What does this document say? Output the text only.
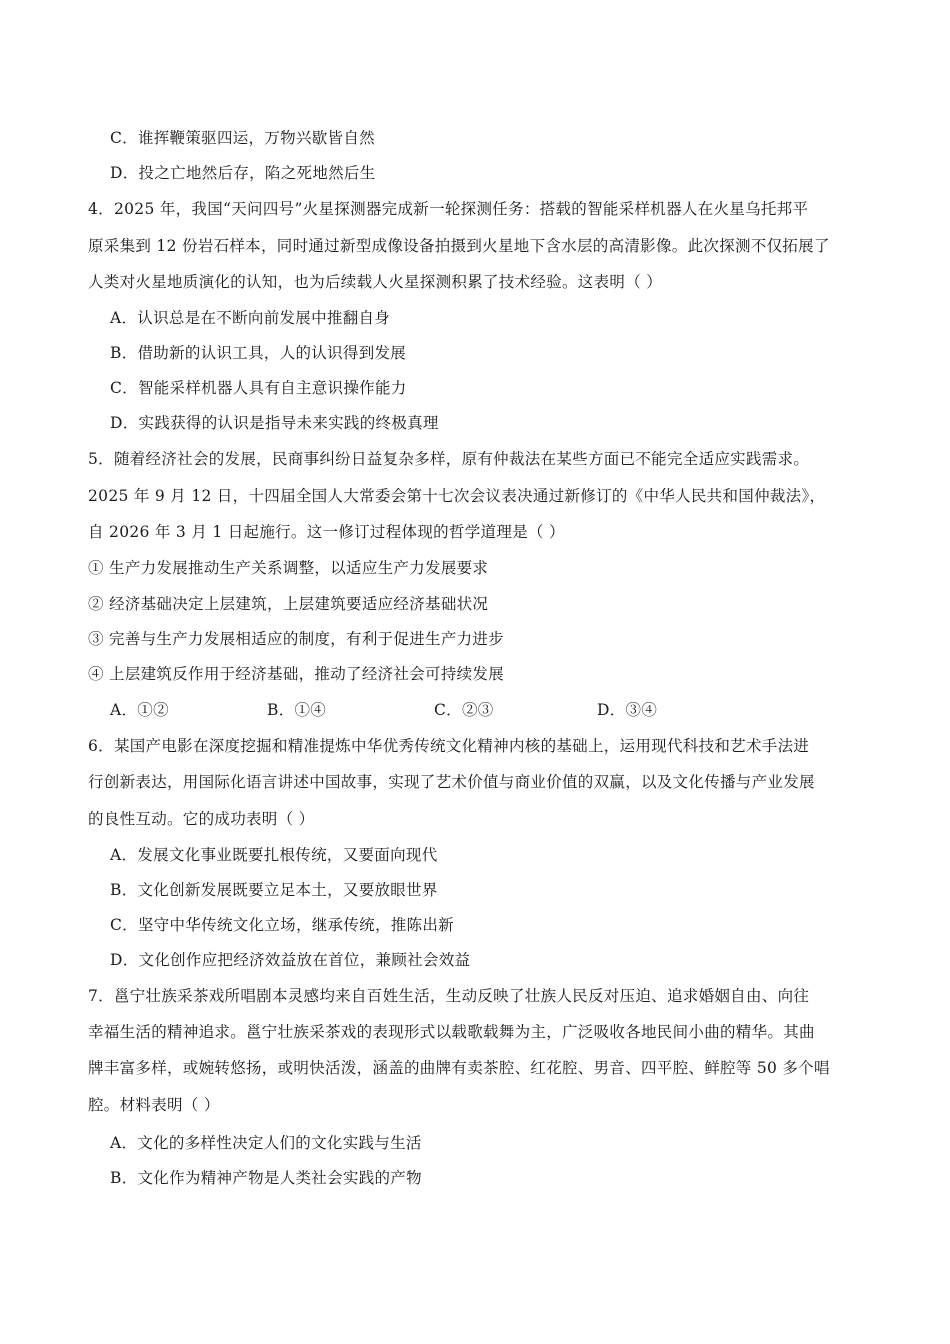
C．谁挥鞭策驱四运，万物兴歇皆自然
D．投之亡地然后存，陷之死地然后生
4．2025 年，我国“天问四号”火星探测器完成新一轮探测任务：搭载的智能采样机器人在火星乌托邦平
原采集到 12 份岩石样本，同时通过新型成像设备拍摄到火星地下含水层的高清影像。此次探测不仅拓展了
人类对火星地质演化的认知，也为后续载人火星探测积累了技术经验。这表明（ ）
A．认识总是在不断向前发展中推翻自身
B．借助新的认识工具，人的认识得到发展
C．智能采样机器人具有自主意识操作能力
D．实践获得的认识是指导未来实践的终极真理
5．随着经济社会的发展，民商事纠纷日益复杂多样，原有仲裁法在某些方面已不能完全适应实践需求。
2025 年 9 月 12 日，十四届全国人大常委会第十七次会议表决通过新修订的《中华人民共和国仲裁法》，
自 2026 年 3 月 1 日起施行。这一修订过程体现的哲学道理是（ ）
① 生产力发展推动生产关系调整，以适应生产力发展要求
② 经济基础决定上层建筑，上层建筑要适应经济基础状况
③ 完善与生产力发展相适应的制度，有利于促进生产力进步
④ 上层建筑反作用于经济基础，推动了经济社会可持续发展
A．①②	B．①④	C．②③	D．③④
6．某国产电影在深度挖掘和精准提炼中华优秀传统文化精神内核的基础上，运用现代科技和艺术手法进
行创新表达，用国际化语言讲述中国故事，实现了艺术价值与商业价值的双赢，以及文化传播与产业发展
的良性互动。它的成功表明（ ）
A．发展文化事业既要扎根传统，又要面向现代
B．文化创新发展既要立足本土，又要放眼世界
C．坚守中华传统文化立场，继承传统，推陈出新
D．文化创作应把经济效益放在首位，兼顾社会效益
7．邕宁壮族采茶戏所唱剧本灵感均来自百姓生活，生动反映了壮族人民反对压迫、追求婚姻自由、向往
幸福生活的精神追求。邕宁壮族采茶戏的表现形式以载歌载舞为主，广泛吸收各地民间小曲的精华。其曲
牌丰富多样，或婉转悠扬，或明快活泼，涵盖的曲牌有卖茶腔、红花腔、男音、四平腔、鲜腔等 50 多个唱
腔。材料表明（ ）
A．文化的多样性决定人们的文化实践与生活
B．文化作为精神产物是人类社会实践的产物
